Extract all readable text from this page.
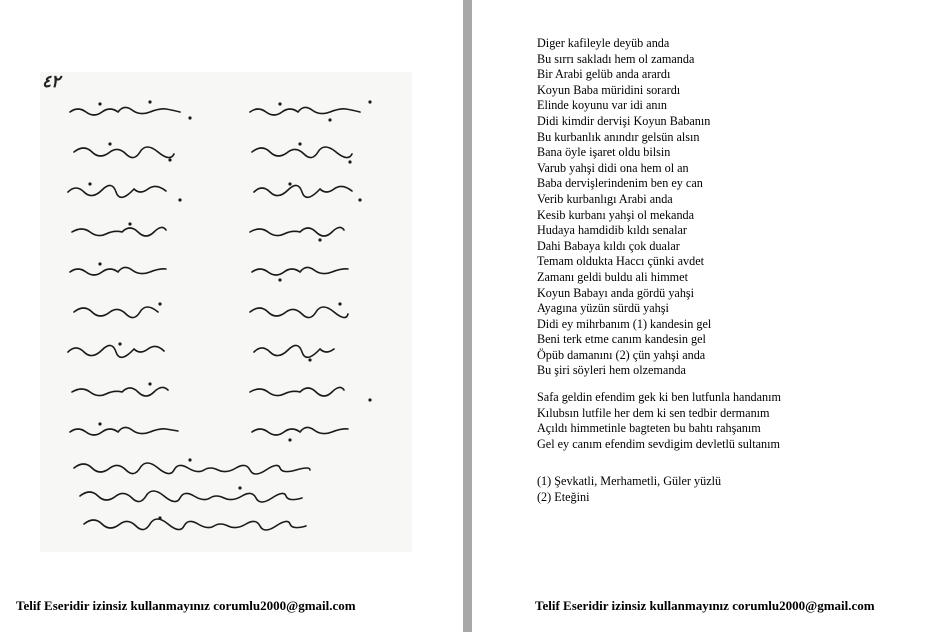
٤٢
Telif Eseridir izinsiz kullanmayınız corumlu2000@gmail.com
Diger kafileyle deyüb anda
Bu sırrı sakladı hem ol zamanda
Bir Arabi gelüb anda arardı
Koyun Baba müridini sorardı
Elinde koyunu var idi anın
Didi kimdir dervişi Koyun Babanın
Bu kurbanlık anındır gelsün alsın
Bana öyle işaret oldu bilsin
Varub yahşi didi ona hem ol an
Baba dervişlerindenim ben ey can
Verib kurbanlıgı Arabi anda
Kesib kurbanı yahşi ol mekanda
Hudaya hamdidib kıldı senalar
Dahi Babaya kıldı çok dualar
Temam oldukta Haccı çünki avdet
Zamanı geldi buldu ali himmet
Koyun Babayı anda gördü yahşi
Ayagına yüzün sürdü yahşi
Didi ey mihrbanım (1) kandesin gel
Beni terk etme canım kandesin gel
Öpüb damanını (2) çün yahşi anda
Bu şiri söyleri hem olzemanda
Safa geldin efendim gek ki ben lutfunla handanım
Kılubsın lutfile her dem ki sen tedbir dermanım
Açıldı himmetinle bagteten bu bahtı rahşanım
Gel ey canım efendim sevdigim devletlü sultanım
(1) Şevkatli, Merhametli, Güler yüzlü
(2) Eteğini
Telif Eseridir izinsiz kullanmayınız corumlu2000@gmail.com
